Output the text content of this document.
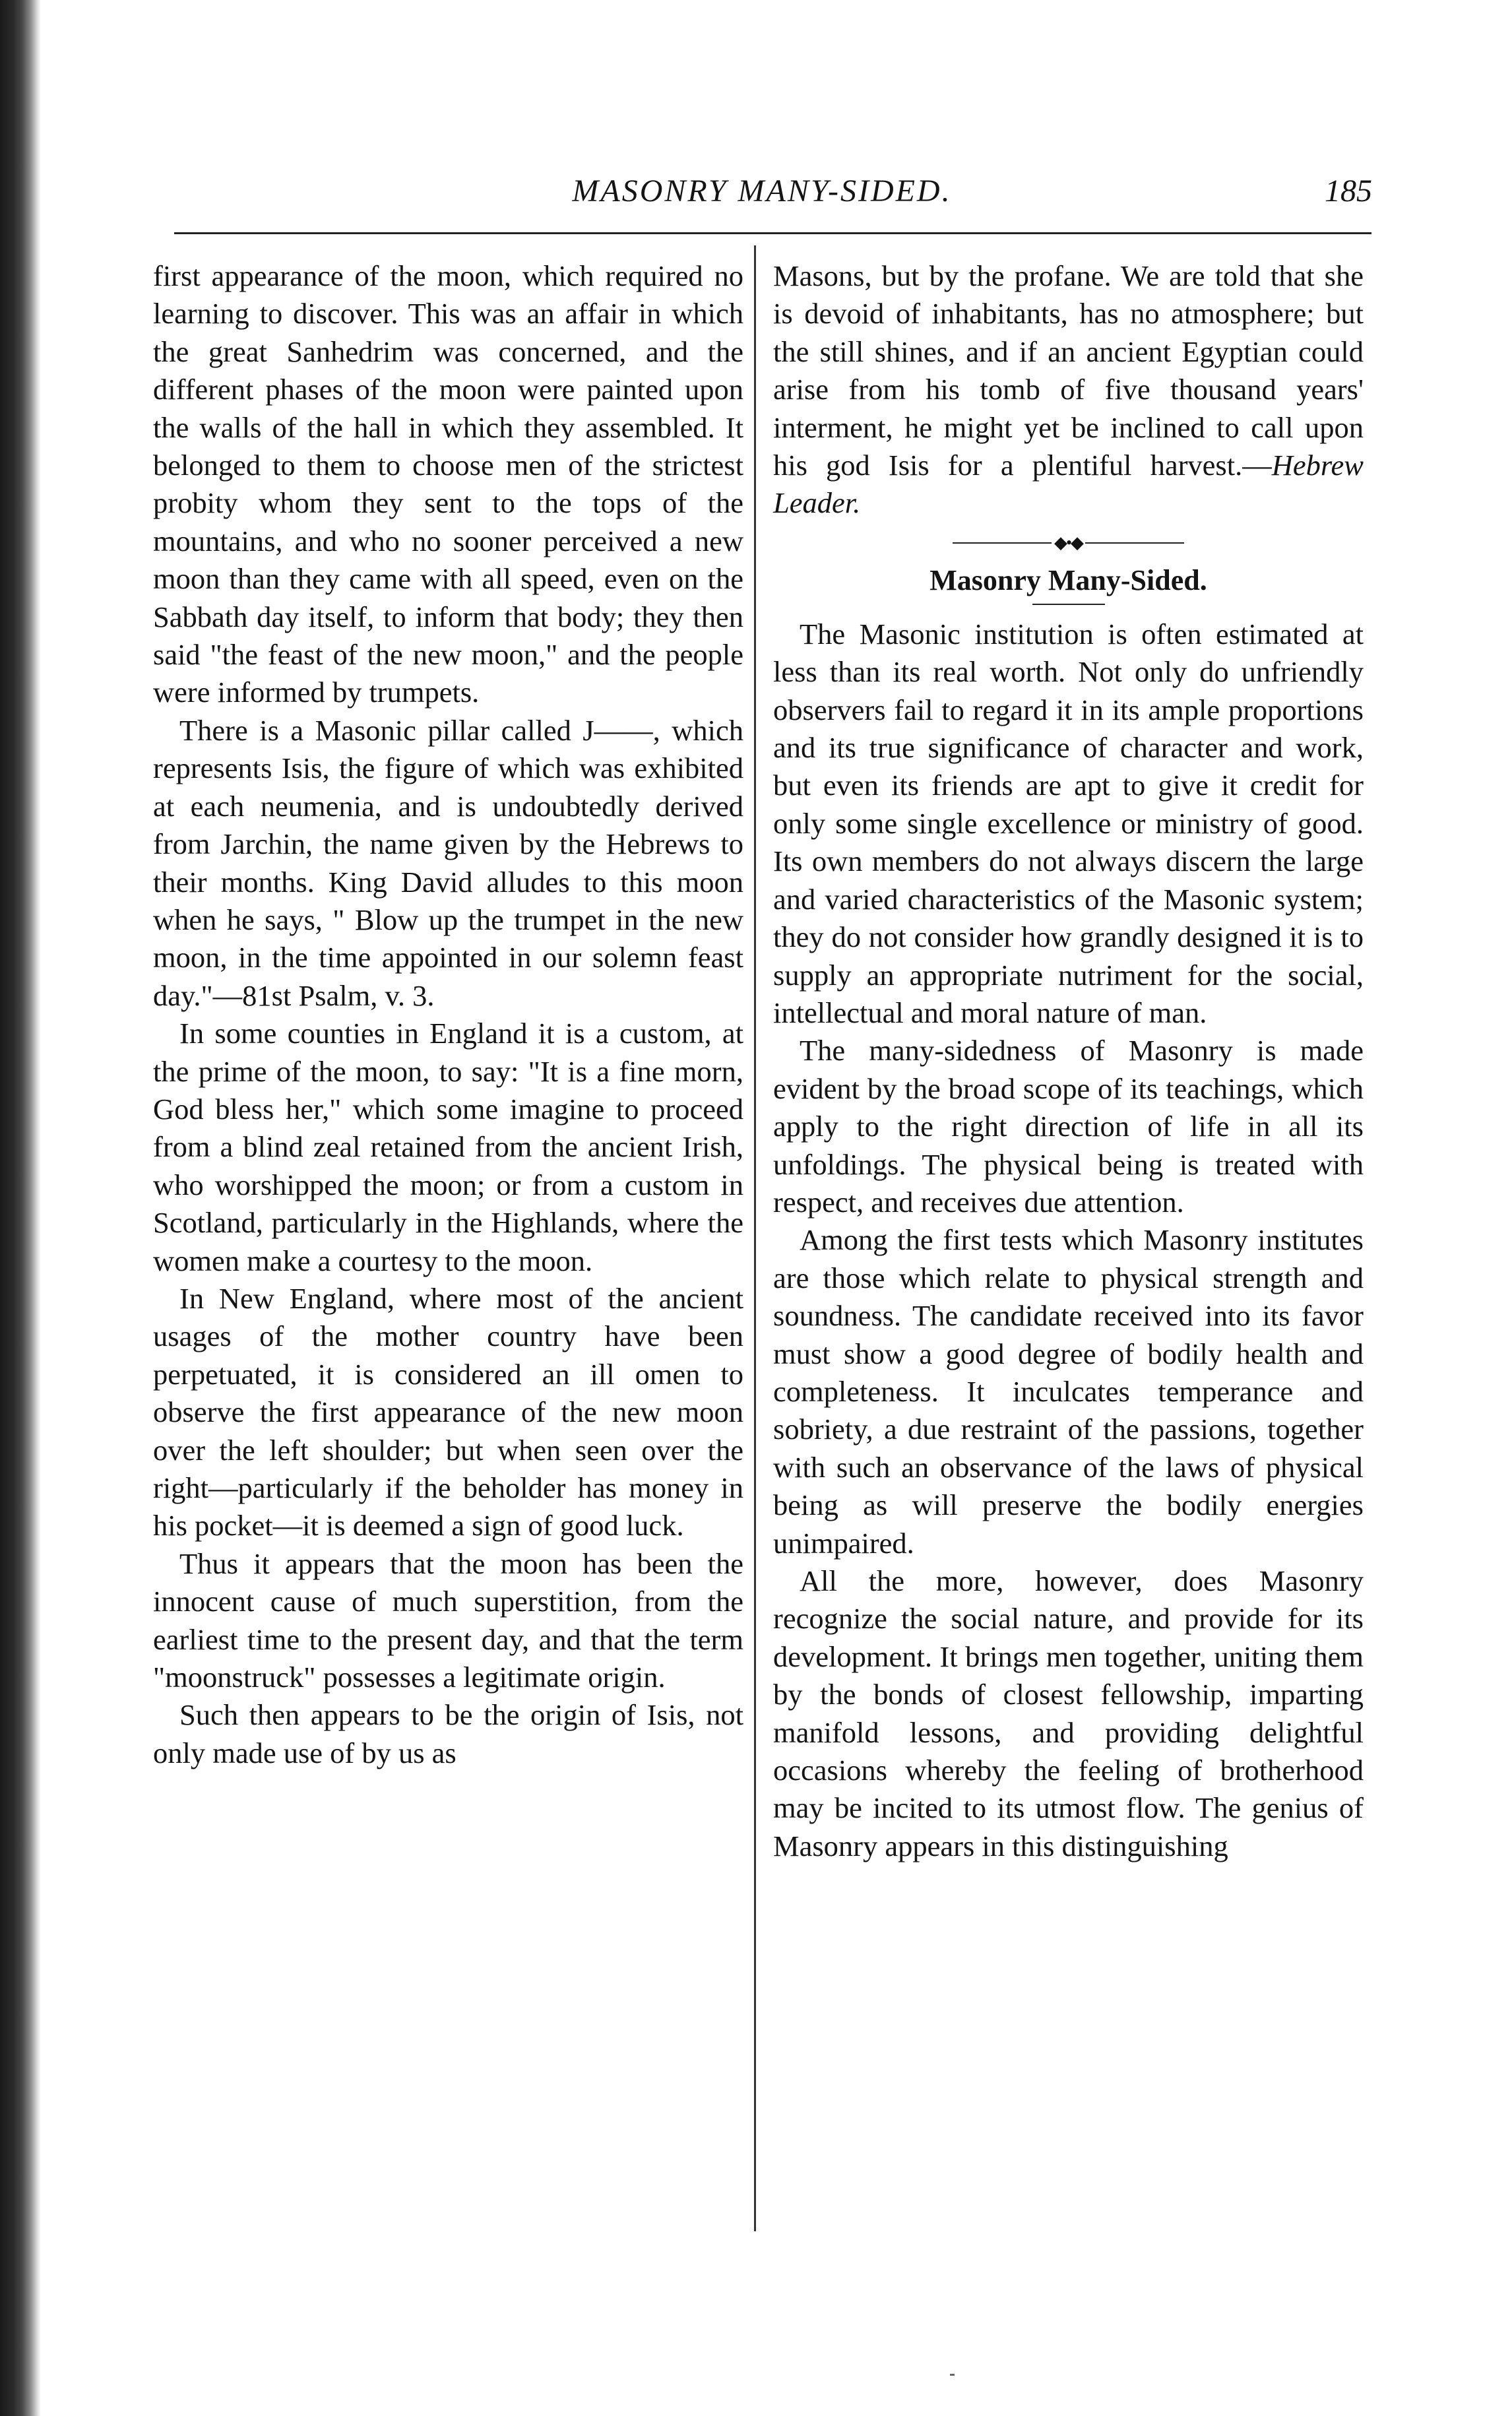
MASONRY MANY-SIDED.	185

first appearance of the moon, which required no learning to discover. This was an affair in which the great Sanhedrim was concerned, and the different phases of the moon were painted upon the walls of the hall in which they assembled. It belonged to them to choose men of the strictest probity whom they sent to the tops of the mountains, and who no sooner perceived a new moon than they came with all speed, even on the Sabbath day itself, to inform that body; they then said "the feast of the new moon," and the people were informed by trumpets.

There is a Masonic pillar called J——, which represents Isis, the figure of which was exhibited at each neumenia, and is undoubtedly derived from Jarchin, the name given by the Hebrews to their months. King David alludes to this moon when he says, " Blow up the trumpet in the new moon, in the time appointed in our solemn feast day."—81st Psalm, v. 3.

In some counties in England it is a custom, at the prime of the moon, to say: "It is a fine morn, God bless her," which some imagine to proceed from a blind zeal retained from the ancient Irish, who worshipped the moon; or from a custom in Scotland, particularly in the Highlands, where the women make a courtesy to the moon.

In New England, where most of the ancient usages of the mother country have been perpetuated, it is considered an ill omen to observe the first appearance of the new moon over the left shoulder; but when seen over the right—particularly if the beholder has money in his pocket—it is deemed a sign of good luck.

Thus it appears that the moon has been the innocent cause of much superstition, from the earliest time to the present day, and that the term "moonstruck" possesses a legitimate origin.

Such then appears to be the origin of Isis, not only made use of by us as

Masons, but by the profane. We are told that she is devoid of inhabitants, has no atmosphere; but the still shines, and if an ancient Egyptian could arise from his tomb of five thousand years' interment, he might yet be inclined to call upon his god Isis for a plentiful harvest.—Hebrew Leader.

◆•◆
Masonry Many-Sided.

The Masonic institution is often estimated at less than its real worth. Not only do unfriendly observers fail to regard it in its ample proportions and its true significance of character and work, but even its friends are apt to give it credit for only some single excellence or ministry of good. Its own members do not always discern the large and varied characteristics of the Masonic system; they do not consider how grandly designed it is to supply an appropriate nutriment for the social, intellectual and moral nature of man.

The many-sidedness of Masonry is made evident by the broad scope of its teachings, which apply to the right direction of life in all its unfoldings. The physical being is treated with respect, and receives due attention.

Among the first tests which Masonry institutes are those which relate to physical strength and soundness. The candidate received into its favor must show a good degree of bodily health and completeness. It inculcates temperance and sobriety, a due restraint of the passions, together with such an observance of the laws of physical being as will preserve the bodily energies unimpaired.

All the more, however, does Masonry recognize the social nature, and provide for its development. It brings men together, uniting them by the bonds of closest fellowship, imparting manifold lessons, and providing delightful occasions whereby the feeling of brotherhood may be incited to its utmost flow. The genius of Masonry appears in this distinguishing
